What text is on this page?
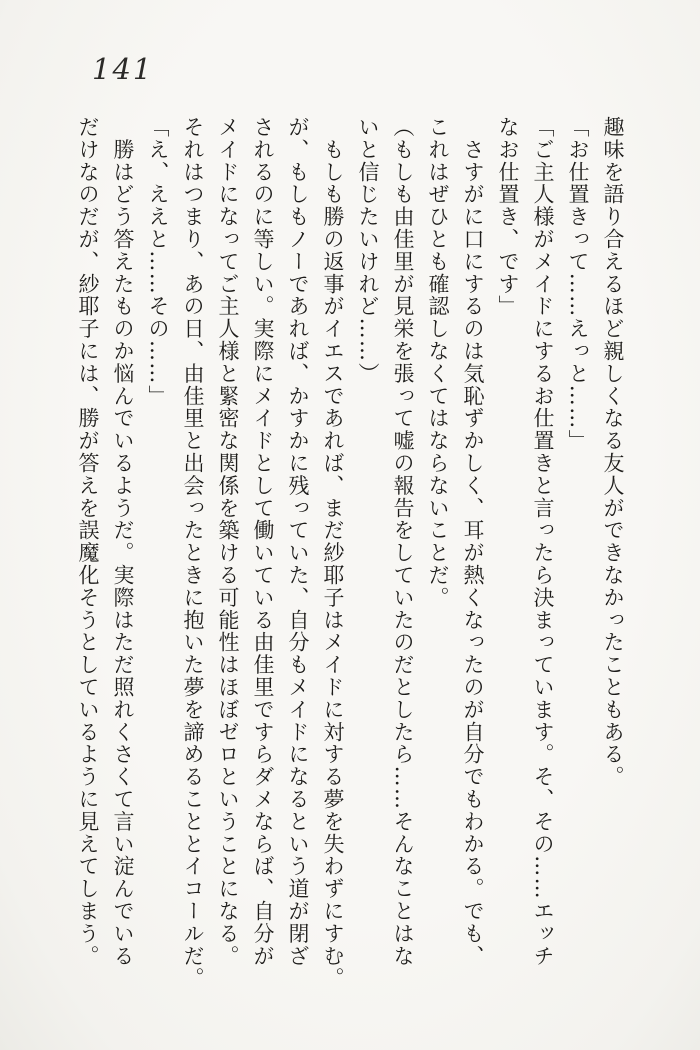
141
趣味を語り合えるほど親しくなる友人ができなかったこともある。
「お仕置きって……えっと……」
「ご主人様がメイドにするお仕置きと言ったら決まっています。そ、その……エッチ
なお仕置き、です」
　さすがに口にするのは気恥ずかしく、耳が熱くなったのが自分でもわかる。でも、
これはぜひとも確認しなくてはならないことだ。
（もしも由佳里が見栄を張って嘘の報告をしていたのだとしたら……そんなことはな
いと信じたいけれど……）
　もしも勝の返事がイエスであれば、まだ紗耶子はメイドに対する夢を失わずにすむ。
が、もしもノーであれば、かすかに残っていた、自分もメイドになるという道が閉ざ
されるのに等しい。実際にメイドとして働いている由佳里ですらダメならば、自分が
メイドになってご主人様と緊密な関係を築ける可能性はほぼゼロということになる。
それはつまり、あの日、由佳里と出会ったときに抱いた夢を諦めることとイコールだ。
「え、ええと……その……」
　勝はどう答えたものか悩んでいるようだ。実際はただ照れくさくて言い淀んでいる
だけなのだが、紗耶子には、勝が答えを誤魔化そうとしているように見えてしまう。
